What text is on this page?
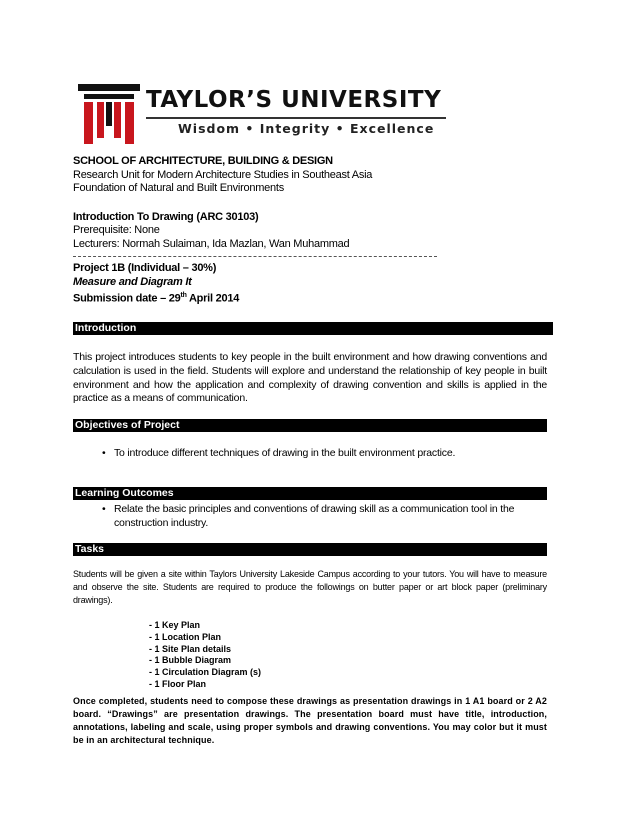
TAYLOR’S UNIVERSITY
Wisdom • Integrity • Excellence
SCHOOL OF ARCHITECTURE, BUILDING & DESIGN
Research Unit for Modern Architecture Studies in Southeast Asia
Foundation of Natural and Built Environments
Introduction To Drawing (ARC 30103)
Prerequisite: None
Lecturers: Normah Sulaiman, Ida Mazlan, Wan Muhammad
Project 1B (Individual – 30%)
Measure and Diagram It
Submission date – 29th April 2014
Introduction
This project introduces students to key people in the built environment and how drawing conventions and calculation is used in the field. Students will explore and understand the relationship of key people in built environment and how the application and complexity of drawing convention and skills is applied in the practice as a means of communication.
Objectives of Project
• To introduce different techniques of drawing in the built environment practice.
Learning Outcomes
• Relate the basic principles and conventions of drawing skill as a communication tool in the construction industry.
Tasks
Students will be given a site within Taylors University Lakeside Campus according to your tutors. You will have to measure and observe the site. Students are required to produce the followings on butter paper or art block paper (preliminary drawings).
- 1 Key Plan
- 1 Location Plan
- 1 Site Plan details
- 1 Bubble Diagram
- 1 Circulation Diagram (s)
- 1 Floor Plan
Once completed, students need to compose these drawings as presentation drawings in 1 A1 board or 2 A2 board. “Drawings” are presentation drawings. The presentation board must have title, introduction, annotations, labeling and scale, using proper symbols and drawing conventions. You may color but it must be in an architectural technique.
